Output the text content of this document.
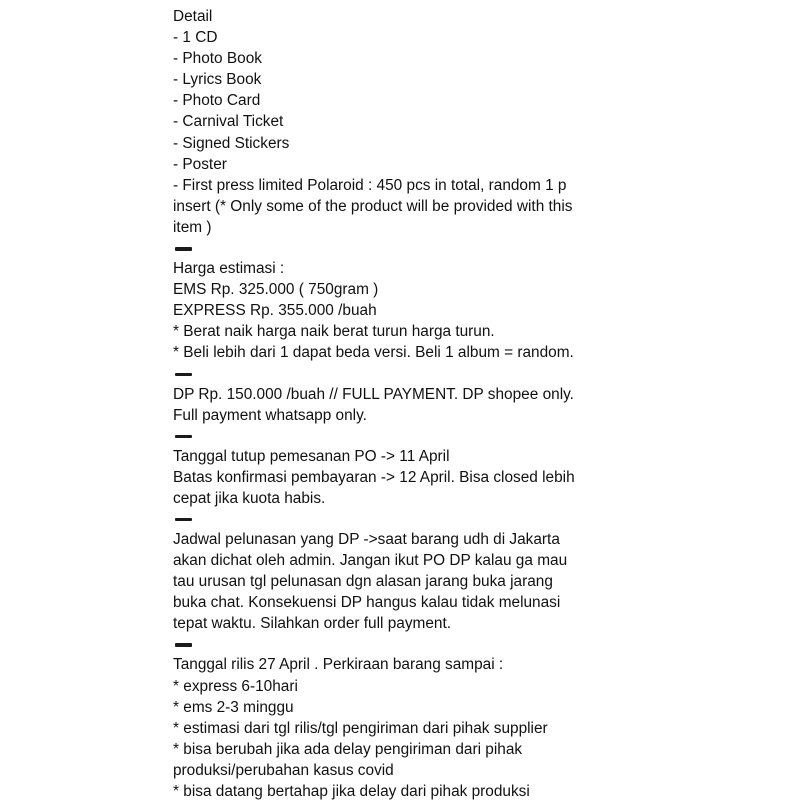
Detail
- 1 CD
- Photo Book
- Lyrics Book
- Photo Card
- Carnival Ticket
- Signed Stickers
- Poster
- First press limited Polaroid : 450 pcs in total, random 1 p
insert (* Only some of the product will be provided with this
item )
Harga estimasi :
EMS Rp. 325.000 ( 750gram )
EXPRESS Rp. 355.000 /buah
* Berat naik harga naik berat turun harga turun.
* Beli lebih dari 1 dapat beda versi. Beli 1 album = random.
DP Rp. 150.000 /buah // FULL PAYMENT. DP shopee only.
Full payment whatsapp only.
Tanggal tutup pemesanan PO -> 11 April
Batas konfirmasi pembayaran -> 12 April. Bisa closed lebih
cepat jika kuota habis.
Jadwal pelunasan yang DP ->saat barang udh di Jakarta
akan dichat oleh admin. Jangan ikut PO DP kalau ga mau
tau urusan tgl pelunasan dgn alasan jarang buka jarang
buka chat. Konsekuensi DP hangus kalau tidak melunasi
tepat waktu. Silahkan order full payment.
Tanggal rilis 27 April . Perkiraan barang sampai :
* express 6-10hari
* ems 2-3 minggu
* estimasi dari tgl rilis/tgl pengiriman dari pihak supplier
* bisa berubah jika ada delay pengiriman dari pihak
produksi/perubahan kasus covid
* bisa datang bertahap jika delay dari pihak produksi
